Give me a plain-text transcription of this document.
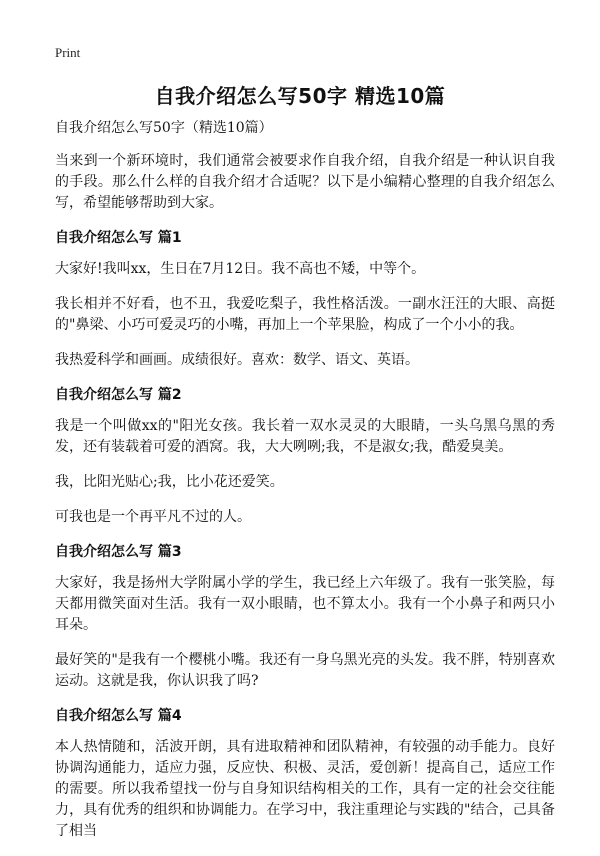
Print
自我介绍怎么写50字 精选10篇

自我介绍怎么写50字（精选10篇）

当来到一个新环境时，我们通常会被要求作自我介绍，自我介绍是一种认识自我的手段。那么什么样的自我介绍才合适呢？以下是小编精心整理的自我介绍怎么写，希望能够帮助到大家。

自我介绍怎么写 篇1

大家好!我叫xx，生日在7月12日。我不高也不矮，中等个。

我长相并不好看，也不丑，我爱吃梨子，我性格活泼。一副水汪汪的大眼、高挺的"鼻梁、小巧可爱灵巧的小嘴，再加上一个苹果脸，构成了一个小小的我。

我热爱科学和画画。成绩很好。喜欢：数学、语文、英语。

自我介绍怎么写 篇2

我是一个叫做xx的"阳光女孩。我长着一双水灵灵的大眼睛，一头乌黑乌黑的秀发，还有装载着可爱的酒窝。我，大大咧咧;我，不是淑女;我，酷爱臭美。

我，比阳光贴心;我，比小花还爱笑。

可我也是一个再平凡不过的人。

自我介绍怎么写 篇3

大家好，我是扬州大学附属小学的学生，我已经上六年级了。我有一张笑脸，每天都用微笑面对生活。我有一双小眼睛，也不算太小。我有一个小鼻子和两只小耳朵。

最好笑的"是我有一个樱桃小嘴。我还有一身乌黑光亮的头发。我不胖，特别喜欢运动。这就是我，你认识我了吗?

自我介绍怎么写 篇4

本人热情随和，活波开朗，具有进取精神和团队精神，有较强的动手能力。良好协调沟通能力，适应力强，反应快、积极、灵活，爱创新！提高自己，适应工作的需要。所以我希望找一份与自身知识结构相关的工作，具有一定的社会交往能力，具有优秀的组织和协调能力。在学习中，我注重理论与实践的"结合，己具备了相当
